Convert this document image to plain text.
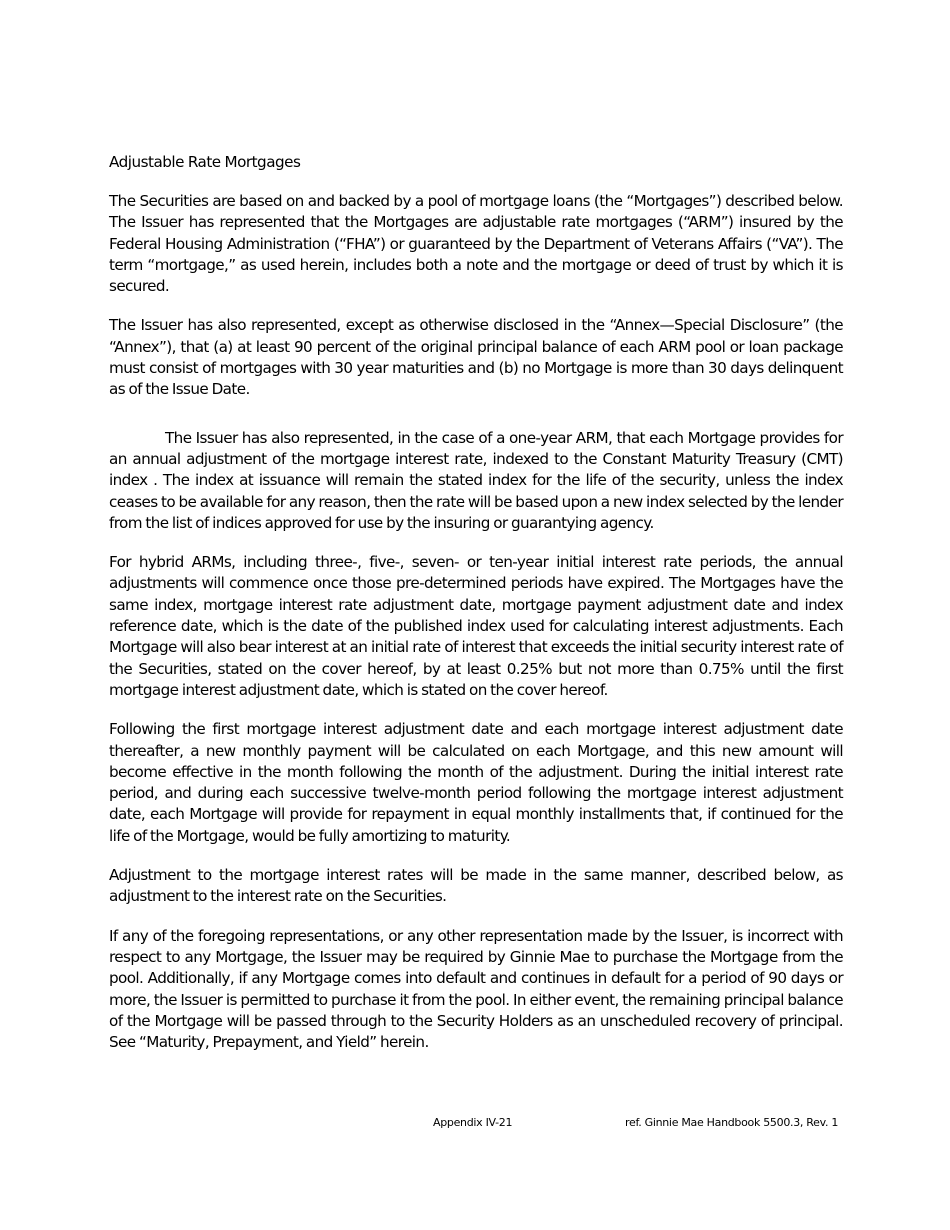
Adjustable Rate Mortgages

The Securities are based on and backed by a pool of mortgage loans (the “Mortgages”) described below. The Issuer has represented that the Mortgages are adjustable rate mortgages (“ARM”) insured by the Federal Housing Administration (“FHA”) or guaranteed by the Department of Veterans Affairs (“VA”). The term “mortgage,” as used herein, includes both a note and the mortgage or deed of trust by which it is secured.

The Issuer has also represented, except as otherwise disclosed in the “Annex—Special Disclosure” (the “Annex”), that (a) at least 90 percent of the original principal balance of each ARM pool or loan package must consist of mortgages with 30 year maturities and (b) no Mortgage is more than 30 days delinquent as of the Issue Date.

The Issuer has also represented, in the case of a one-year ARM, that each Mortgage provides for an annual adjustment of the mortgage interest rate, indexed to the Constant Maturity Treasury (CMT) index . The index at issuance will remain the stated index for the life of the security, unless the index ceases to be available for any reason, then the rate will be based upon a new index selected by the lender from the list of indices approved for use by the insuring or guarantying agency.

For hybrid ARMs, including three-, five-, seven- or ten-year initial interest rate periods, the annual adjustments will commence once those pre-determined periods have expired. The Mortgages have the same index, mortgage interest rate adjustment date, mortgage payment adjustment date and index reference date, which is the date of the published index used for calculating interest adjustments. Each Mortgage will also bear interest at an initial rate of interest that exceeds the initial security interest rate of the Securities, stated on the cover hereof, by at least 0.25% but not more than 0.75% until the first mortgage interest adjustment date, which is stated on the cover hereof.

Following the first mortgage interest adjustment date and each mortgage interest adjustment date thereafter, a new monthly payment will be calculated on each Mortgage, and this new amount will become effective in the month following the month of the adjustment. During the initial interest rate period, and during each successive twelve-month period following the mortgage interest adjustment date, each Mortgage will provide for repayment in equal monthly installments that, if continued for the life of the Mortgage, would be fully amortizing to maturity.

Adjustment to the mortgage interest rates will be made in the same manner, described below, as adjustment to the interest rate on the Securities.

If any of the foregoing representations, or any other representation made by the Issuer, is incorrect with respect to any Mortgage, the Issuer may be required by Ginnie Mae to purchase the Mortgage from the pool. Additionally, if any Mortgage comes into default and continues in default for a period of 90 days or more, the Issuer is permitted to purchase it from the pool. In either event, the remaining principal balance of the Mortgage will be passed through to the Security Holders as an unscheduled recovery of principal. See “Maturity, Prepayment, and Yield” herein.

Appendix IV-21	ref. Ginnie Mae Handbook 5500.3, Rev. 1
